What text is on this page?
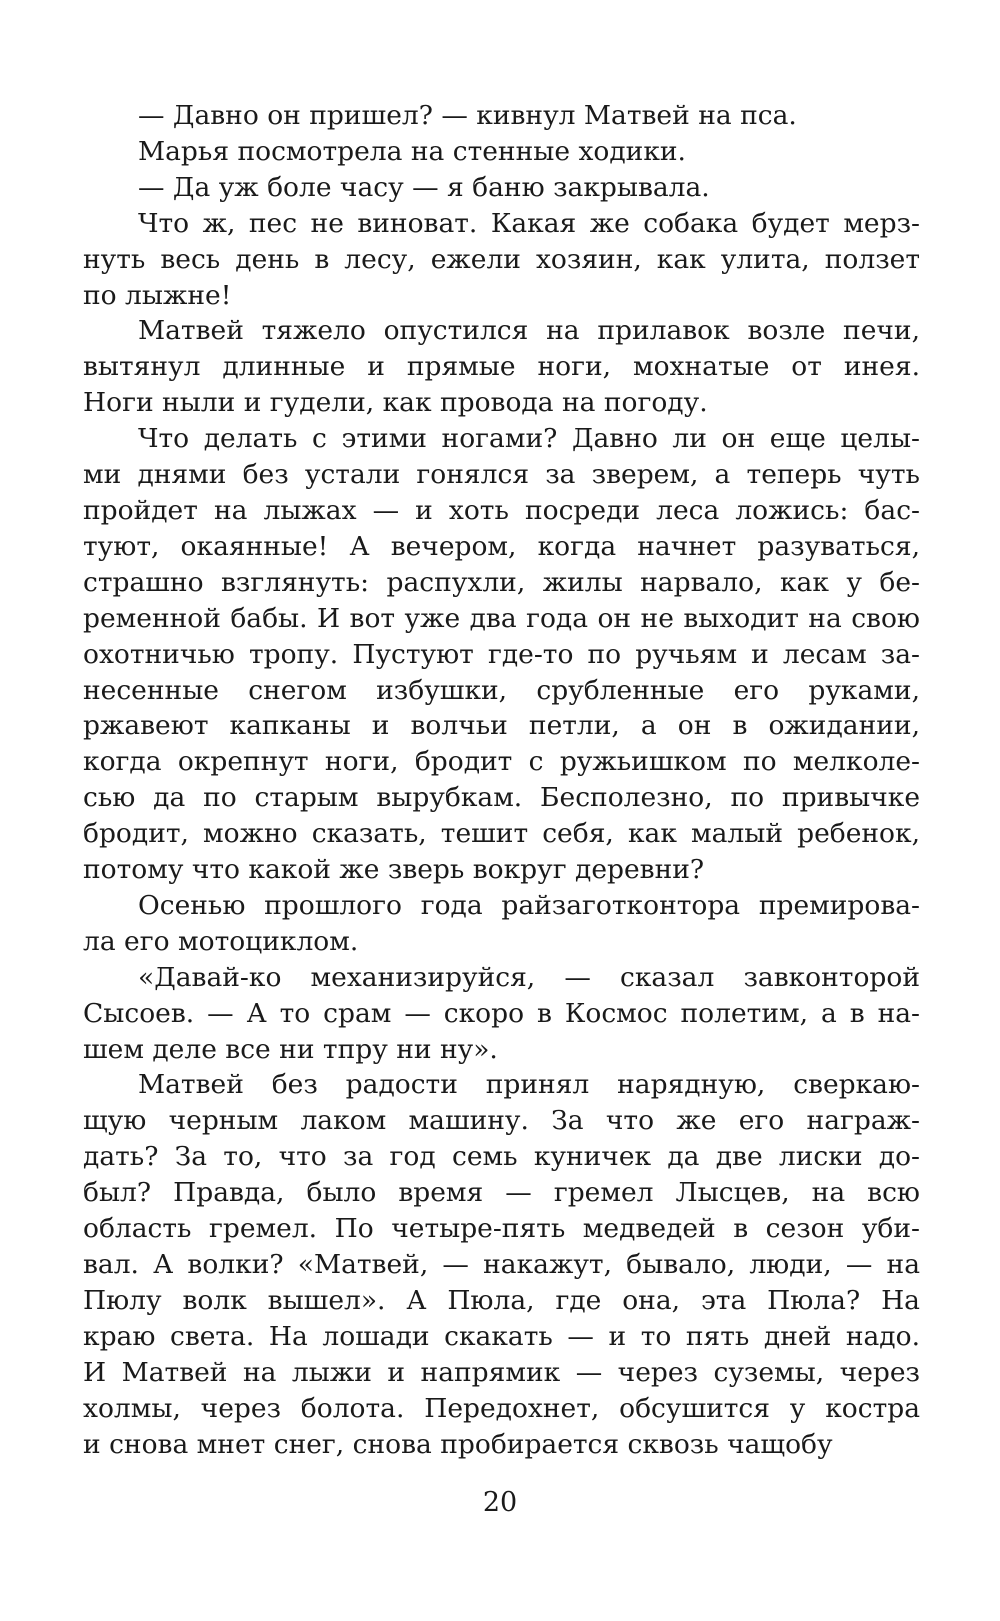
— Давно он пришел? — кивнул Матвей на пса.
Марья посмотрела на стенные ходики.
— Да уж боле часу — я баню закрывала.
Что ж, пес не виноват. Какая же собака будет мерз-
нуть весь день в лесу, ежели хозяин, как улита, ползет
по лыжне!
Матвей тяжело опустился на прилавок возле печи,
вытянул длинные и прямые ноги, мохнатые от инея.
Ноги ныли и гудели, как провода на погоду.
Что делать с этими ногами? Давно ли он еще целы-
ми днями без устали гонялся за зверем, а теперь чуть
пройдет на лыжах — и хоть посреди леса ложись: бас-
туют, окаянные! А вечером, когда начнет разуваться,
страшно взглянуть: распухли, жилы нарвало, как у бе-
ременной бабы. И вот уже два года он не выходит на свою
охотничью тропу. Пустуют где-то по ручьям и лесам за-
несенные снегом избушки, срубленные его руками,
ржавеют капканы и волчьи петли, а он в ожидании,
когда окрепнут ноги, бродит с ружьишком по мелколе-
сью да по старым вырубкам. Бесполезно, по привычке
бродит, можно сказать, тешит себя, как малый ребенок,
потому что какой же зверь вокруг деревни?
Осенью прошлого года райзаготконтора премирова-
ла его мотоциклом.
«Давай-ко механизируйся, — сказал завконторой
Сысоев. — А то срам — скоро в Космос полетим, а в на-
шем деле все ни тпру ни ну».
Матвей без радости принял нарядную, сверкаю-
щую черным лаком машину. За что же его награж-
дать? За то, что за год семь куничек да две лиски до-
был? Правда, было время — гремел Лысцев, на всю
область гремел. По четыре-пять медведей в сезон уби-
вал. А волки? «Матвей, — накажут, бывало, люди, — на
Пюлу волк вышел». А Пюла, где она, эта Пюла? На
краю света. На лошади скакать — и то пять дней надо.
И Матвей на лыжи и напрямик — через суземы, через
холмы, через болота. Передохнет, обсушится у костра
и снова мнет снег, снова пробирается сквозь чащобу
20
